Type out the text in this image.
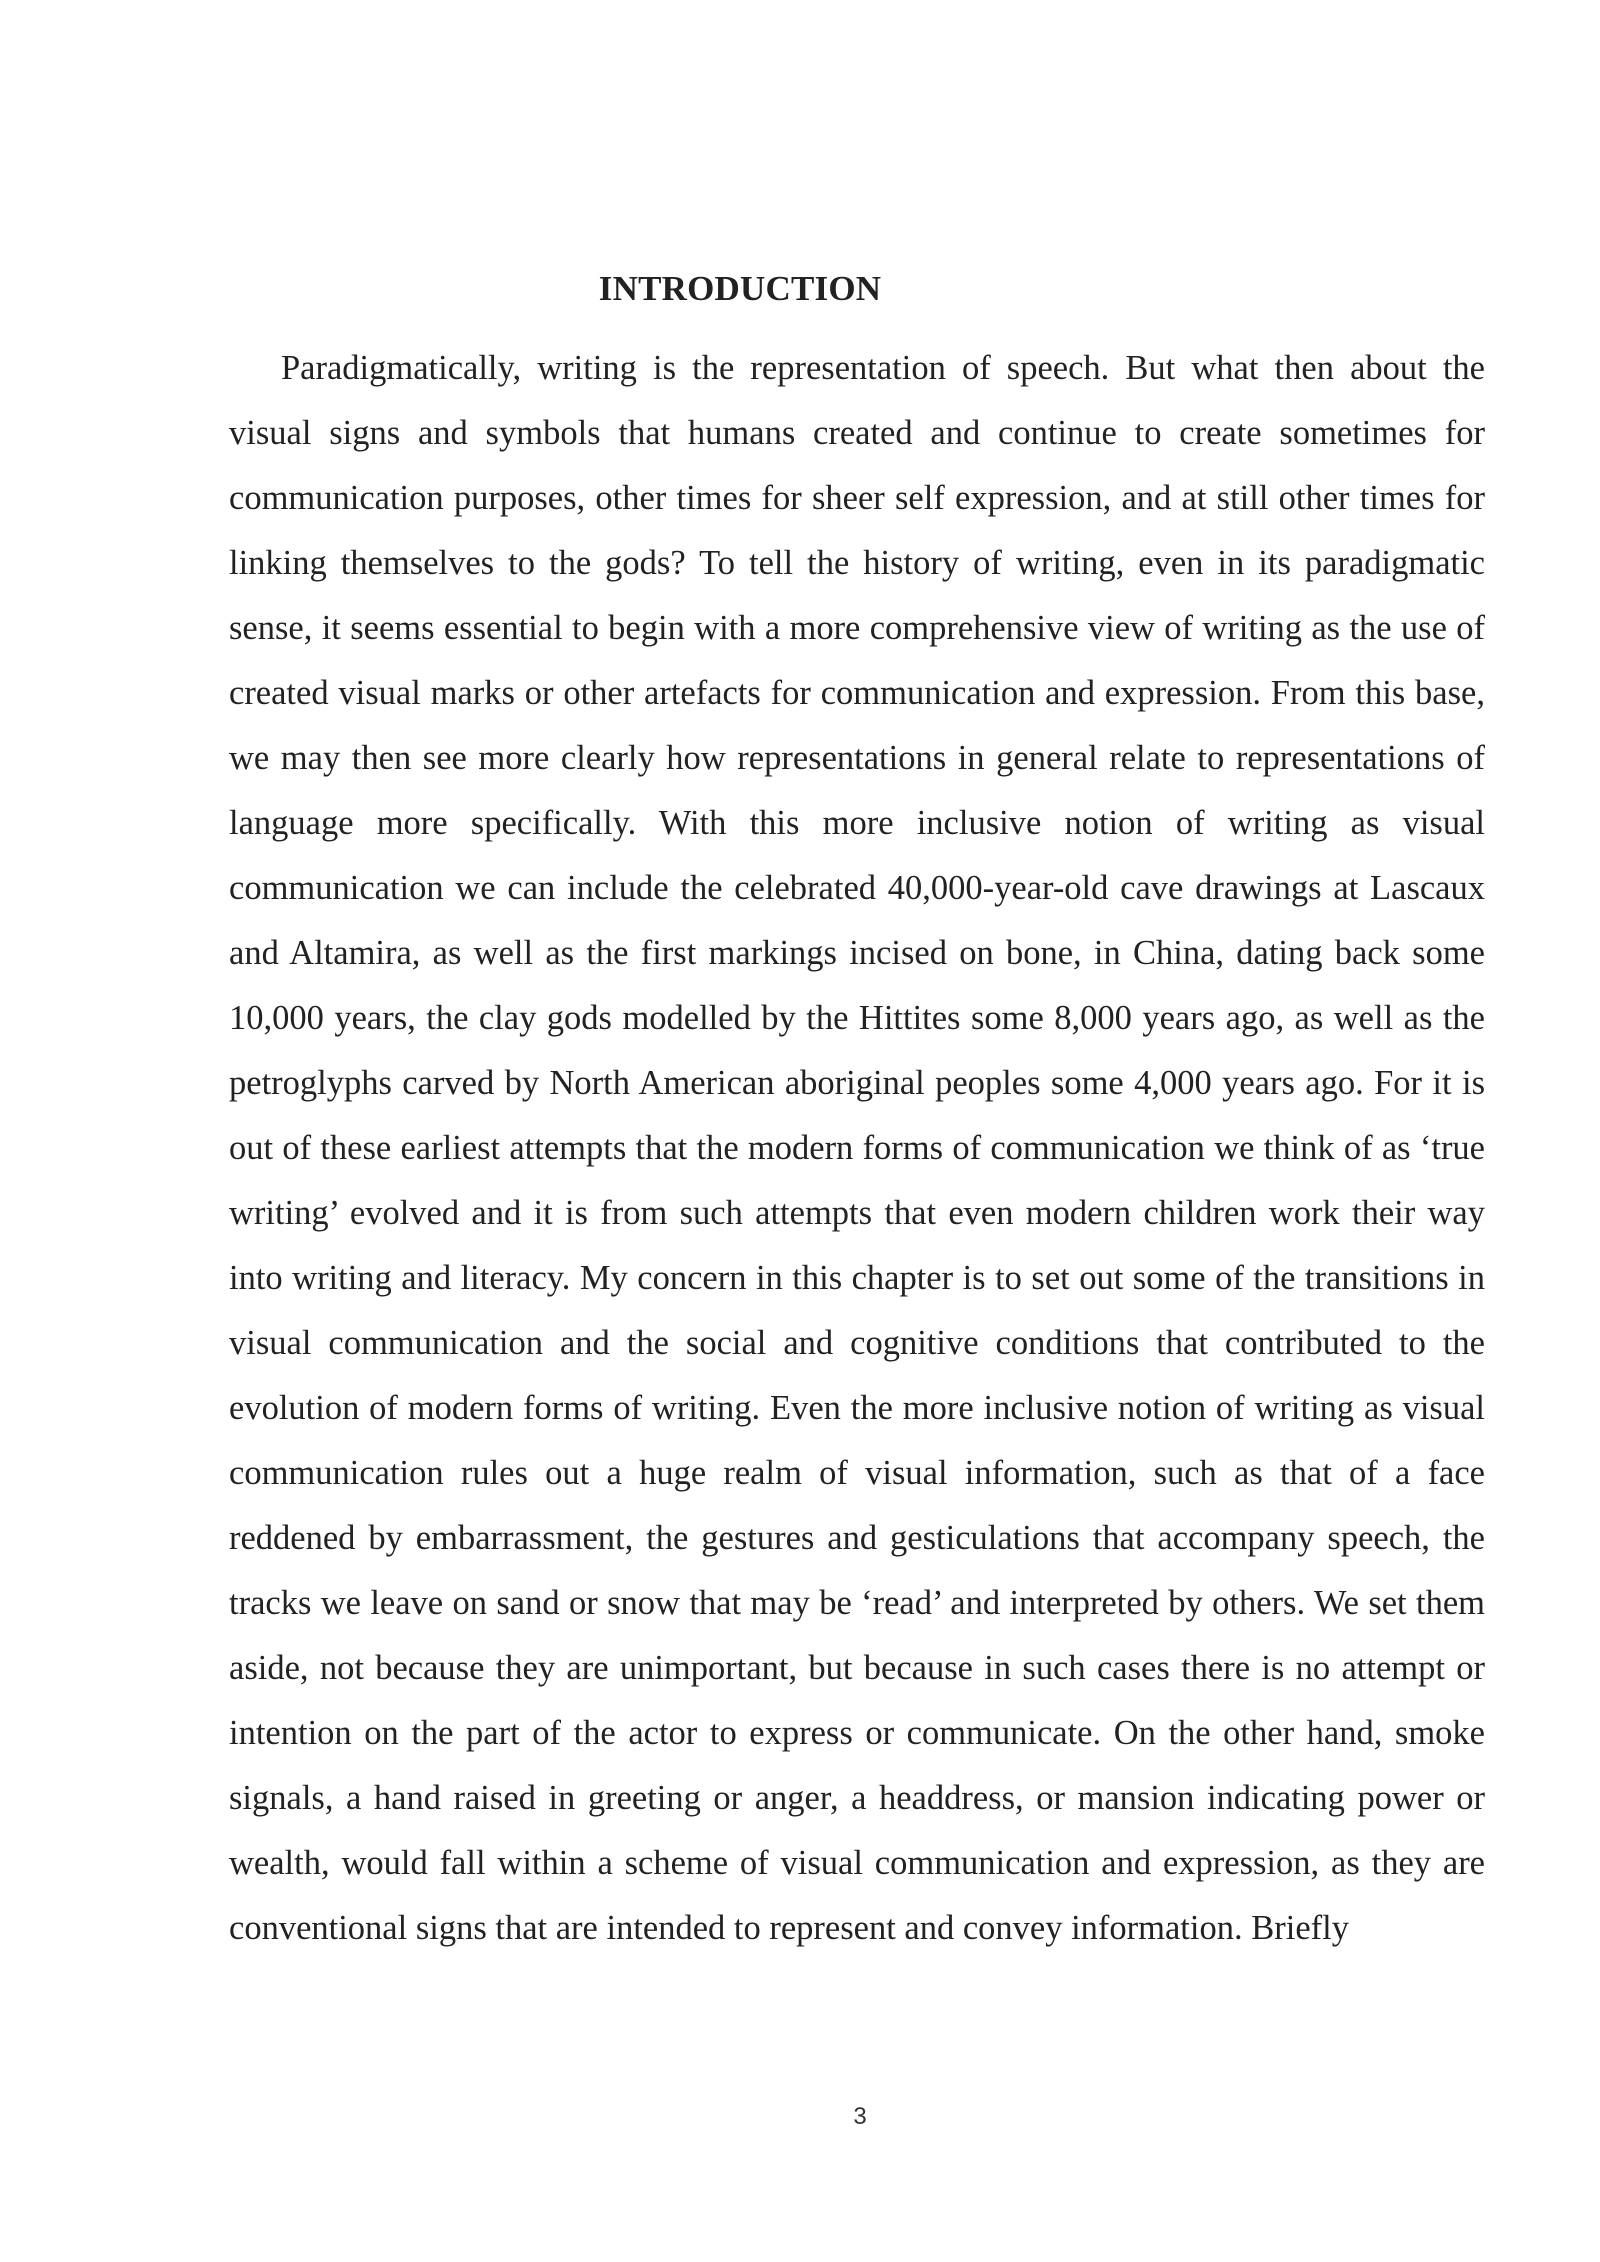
INTRODUCTION

Paradigmatically, writing is the representation of speech. But what then about the visual signs and symbols that humans created and continue to create sometimes for communication purposes, other times for sheer self expression, and at still other times for linking themselves to the gods? To tell the history of writing, even in its paradigmatic sense, it seems essential to begin with a more comprehensive view of writing as the use of created visual marks or other artefacts for communication and expression. From this base, we may then see more clearly how representations in general relate to representations of language more specifically. With this more inclusive notion of writing as visual communication we can include the celebrated 40,000-year-old cave drawings at Lascaux and Altamira, as well as the first markings incised on bone, in China, dating back some 10,000 years, the clay gods modelled by the Hittites some 8,000 years ago, as well as the petroglyphs carved by North American aboriginal peoples some 4,000 years ago. For it is out of these earliest attempts that the modern forms of communication we think of as ‘true writing’ evolved and it is from such attempts that even modern children work their way into writing and literacy. My concern in this chapter is to set out some of the transitions in visual communication and the social and cognitive conditions that contributed to the evolution of modern forms of writing. Even the more inclusive notion of writing as visual communication rules out a huge realm of visual information, such as that of a face reddened by embarrassment, the gestures and gesticulations that accompany speech, the tracks we leave on sand or snow that may be ‘read’ and interpreted by others. We set them aside, not because they are unimportant, but because in such cases there is no attempt or intention on the part of the actor to express or communicate. On the other hand, smoke signals, a hand raised in greeting or anger, a headdress, or mansion indicating power or wealth, would fall within a scheme of visual communication and expression, as they are conventional signs that are intended to represent and convey information. Briefly

3
